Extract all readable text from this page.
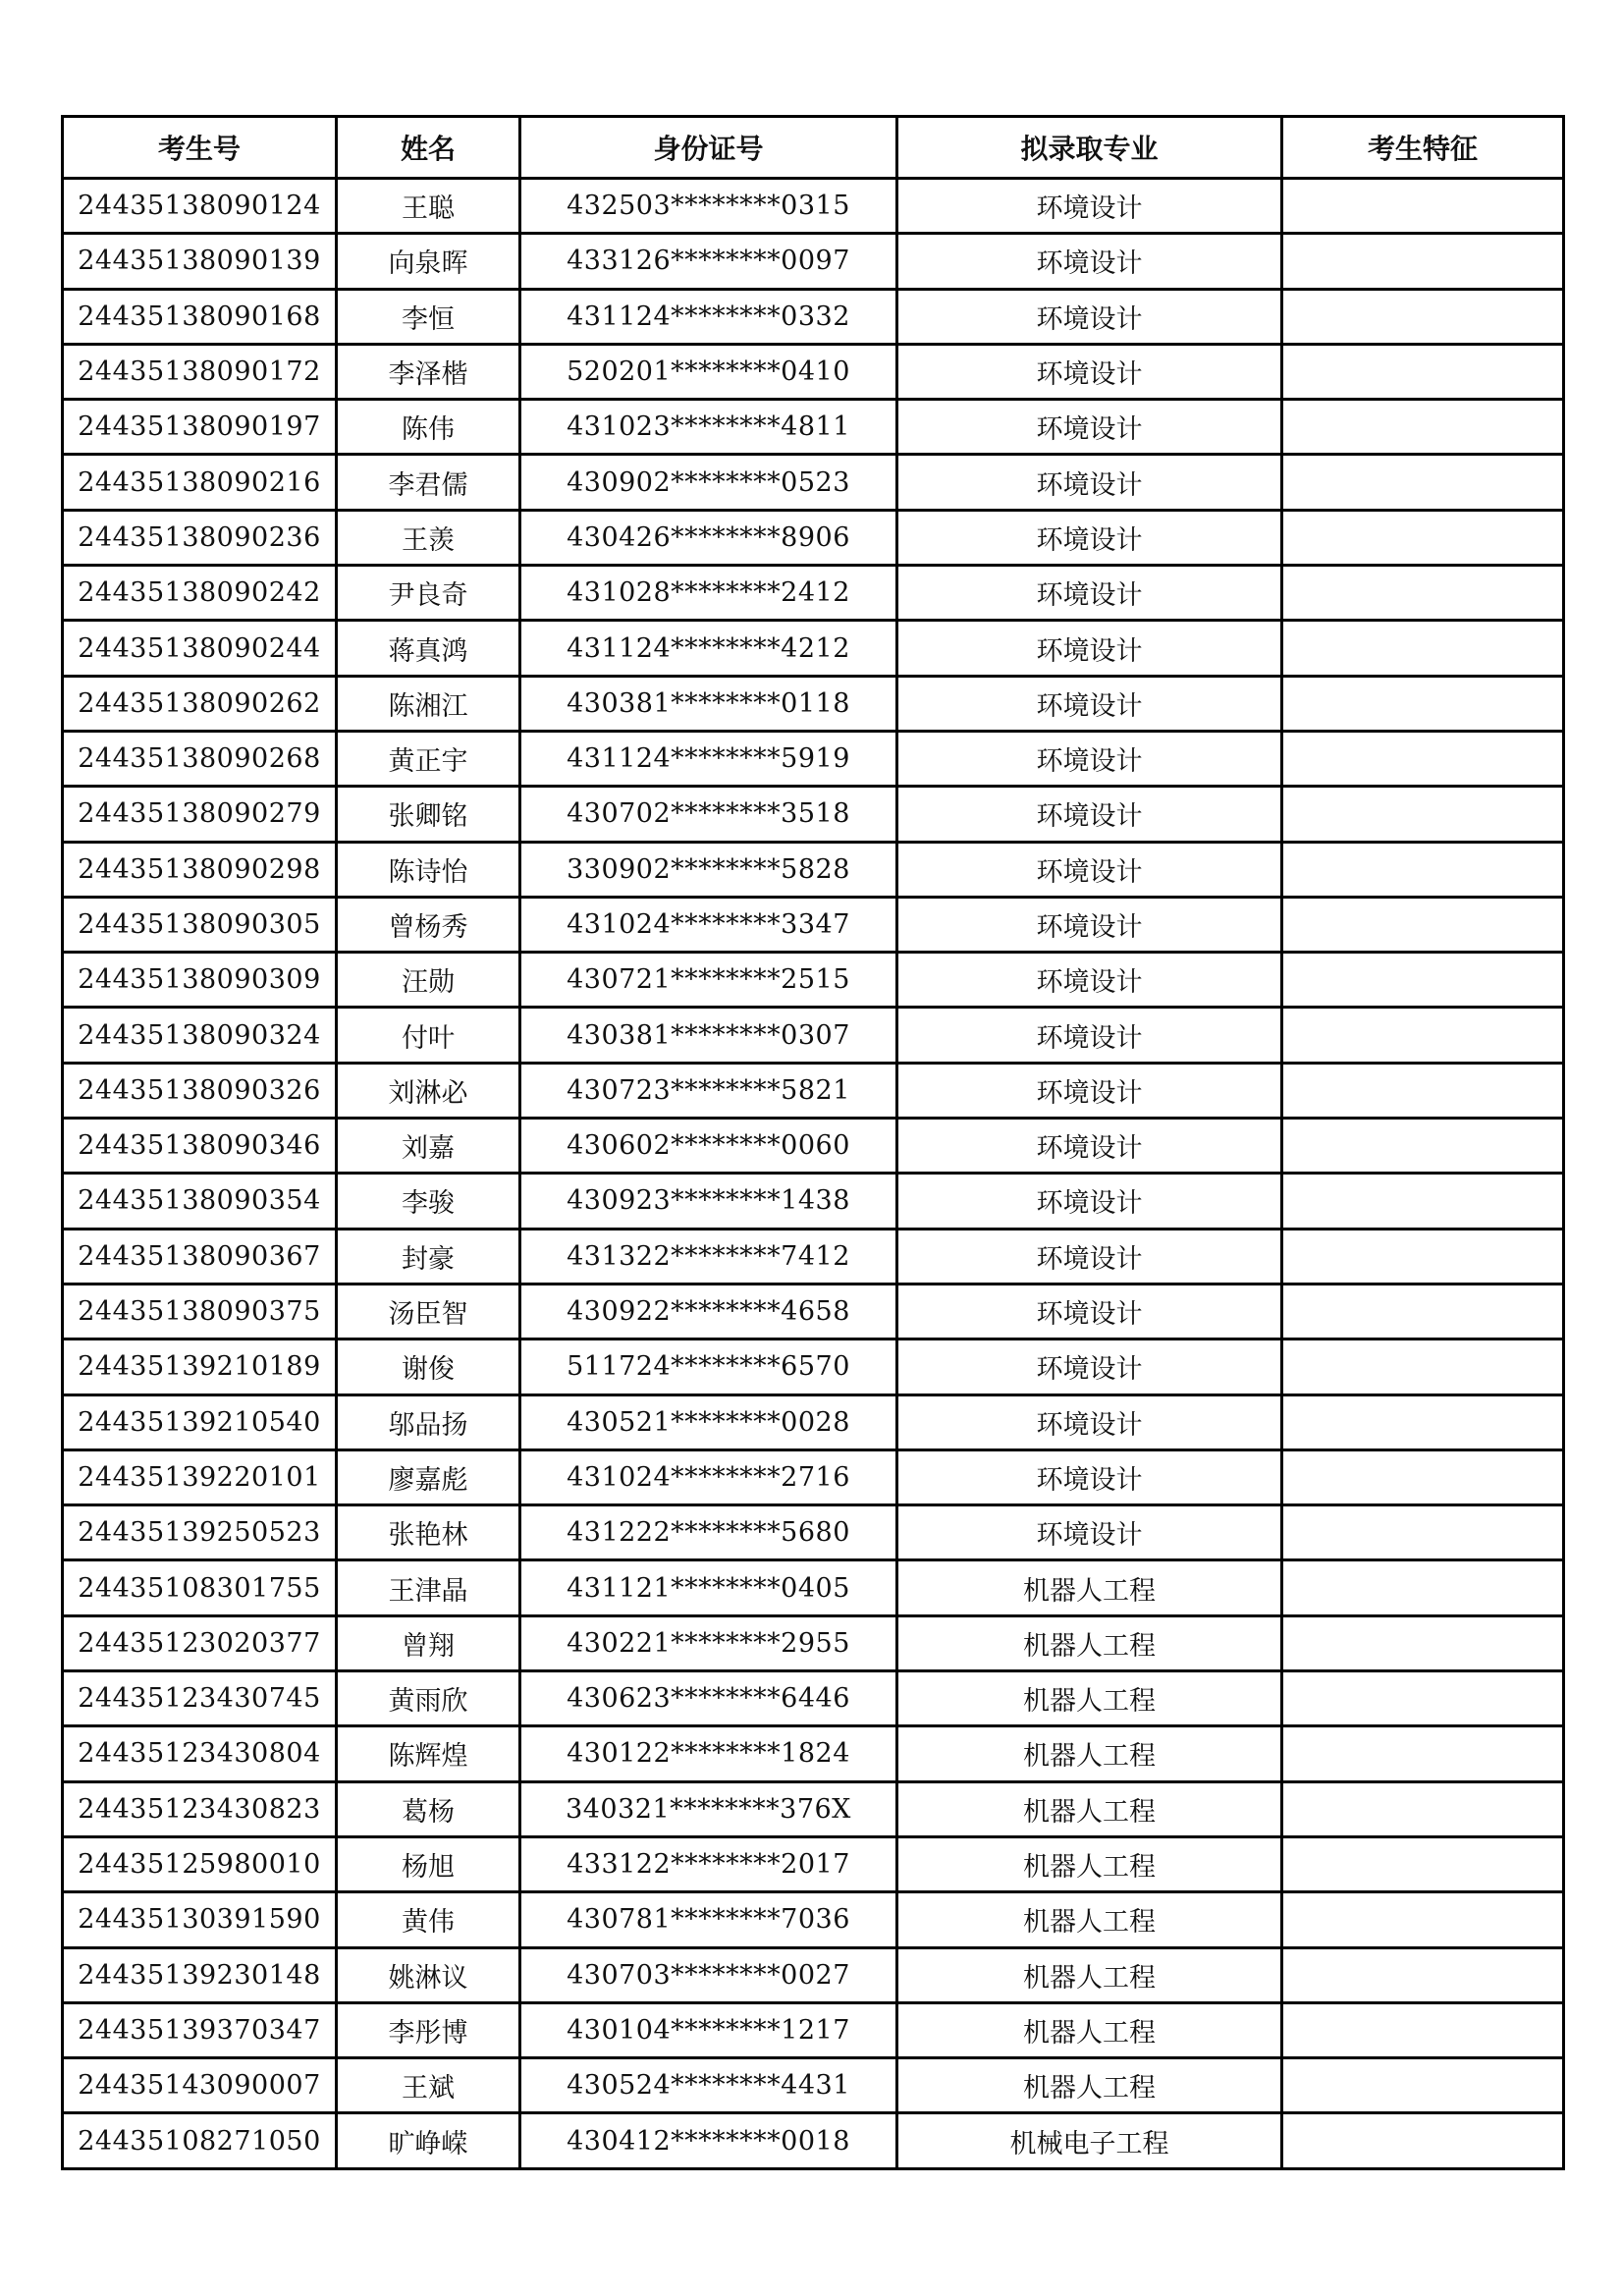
考生号	姓名	身份证号	拟录取专业	考生特征
24435138090124	王聪	432503********0315	环境设计	
24435138090139	向泉晖	433126********0097	环境设计	
24435138090168	李恒	431124********0332	环境设计	
24435138090172	李泽楷	520201********0410	环境设计	
24435138090197	陈伟	431023********4811	环境设计	
24435138090216	李君儒	430902********0523	环境设计	
24435138090236	王羡	430426********8906	环境设计	
24435138090242	尹良奇	431028********2412	环境设计	
24435138090244	蒋真鸿	431124********4212	环境设计	
24435138090262	陈湘江	430381********0118	环境设计	
24435138090268	黄正宇	431124********5919	环境设计	
24435138090279	张卿铭	430702********3518	环境设计	
24435138090298	陈诗怡	330902********5828	环境设计	
24435138090305	曾杨秀	431024********3347	环境设计	
24435138090309	汪勋	430721********2515	环境设计	
24435138090324	付叶	430381********0307	环境设计	
24435138090326	刘淋必	430723********5821	环境设计	
24435138090346	刘嘉	430602********0060	环境设计	
24435138090354	李骏	430923********1438	环境设计	
24435138090367	封豪	431322********7412	环境设计	
24435138090375	汤臣智	430922********4658	环境设计	
24435139210189	谢俊	511724********6570	环境设计	
24435139210540	邬品扬	430521********0028	环境设计	
24435139220101	廖嘉彪	431024********2716	环境设计	
24435139250523	张艳林	431222********5680	环境设计	
24435108301755	王津晶	431121********0405	机器人工程	
24435123020377	曾翔	430221********2955	机器人工程	
24435123430745	黄雨欣	430623********6446	机器人工程	
24435123430804	陈辉煌	430122********1824	机器人工程	
24435123430823	葛杨	340321********376X	机器人工程	
24435125980010	杨旭	433122********2017	机器人工程	
24435130391590	黄伟	430781********7036	机器人工程	
24435139230148	姚淋议	430703********0027	机器人工程	
24435139370347	李彤博	430104********1217	机器人工程	
24435143090007	王斌	430524********4431	机器人工程	
24435108271050	旷峥嵘	430412********0018	机械电子工程	
